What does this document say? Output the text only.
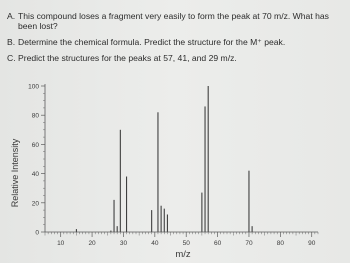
A. This compound loses a fragment very easily to form the peak at 70 m/z. What has been lost?
B. Determine the chemical formula. Predict the structure for the M⁺ peak.
C. Predict the structures for the peaks at 57, 41, and 29 m/z.
0
20
40
60
80
100
10	20	30	40	50	60	70	80	90
Relative Intensity
m/z
